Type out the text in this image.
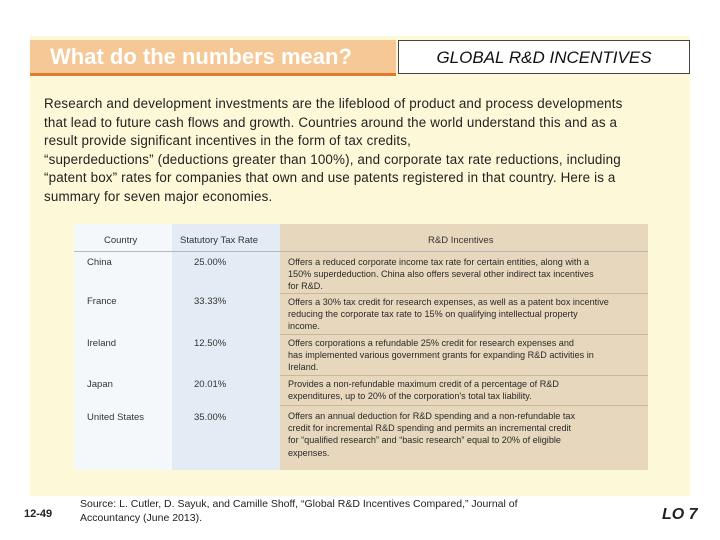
What do the numbers mean?	GLOBAL R&D INCENTIVES
Research and development investments are the lifeblood of product and process developments
that lead to future cash flows and growth. Countries around the world understand this and as a
result provide significant incentives in the form of tax credits,
“superdeductions” (deductions greater than 100%), and corporate tax rate reductions, including
“patent box” rates for companies that own and use patents registered in that country. Here is a
summary for seven major economies.
Country	Statutory Tax Rate	R&D Incentives
China	25.00%	Offers a reduced corporate income tax rate for certain entities, along with a
150% superdeduction. China also offers several other indirect tax incentives
for R&D.
France	33.33%	Offers a 30% tax credit for research expenses, as well as a patent box incentive
reducing the corporate tax rate to 15% on qualifying intellectual property
income.
Ireland	12.50%	Offers corporations a refundable 25% credit for research expenses and
has implemented various government grants for expanding R&D activities in
Ireland.
Japan	20.01%	Provides a non-refundable maximum credit of a percentage of R&D
expenditures, up to 20% of the corporation's total tax liability.
United States	35.00%	Offers an annual deduction for R&D spending and a non-refundable tax
credit for incremental R&D spending and permits an incremental credit
for “qualified research” and “basic research” equal to 20% of eligible
expenses.
12-49
Source: L. Cutler, D. Sayuk, and Camille Shoff, “Global R&D Incentives Compared,” Journal of
Accountancy (June 2013).	LO 7
